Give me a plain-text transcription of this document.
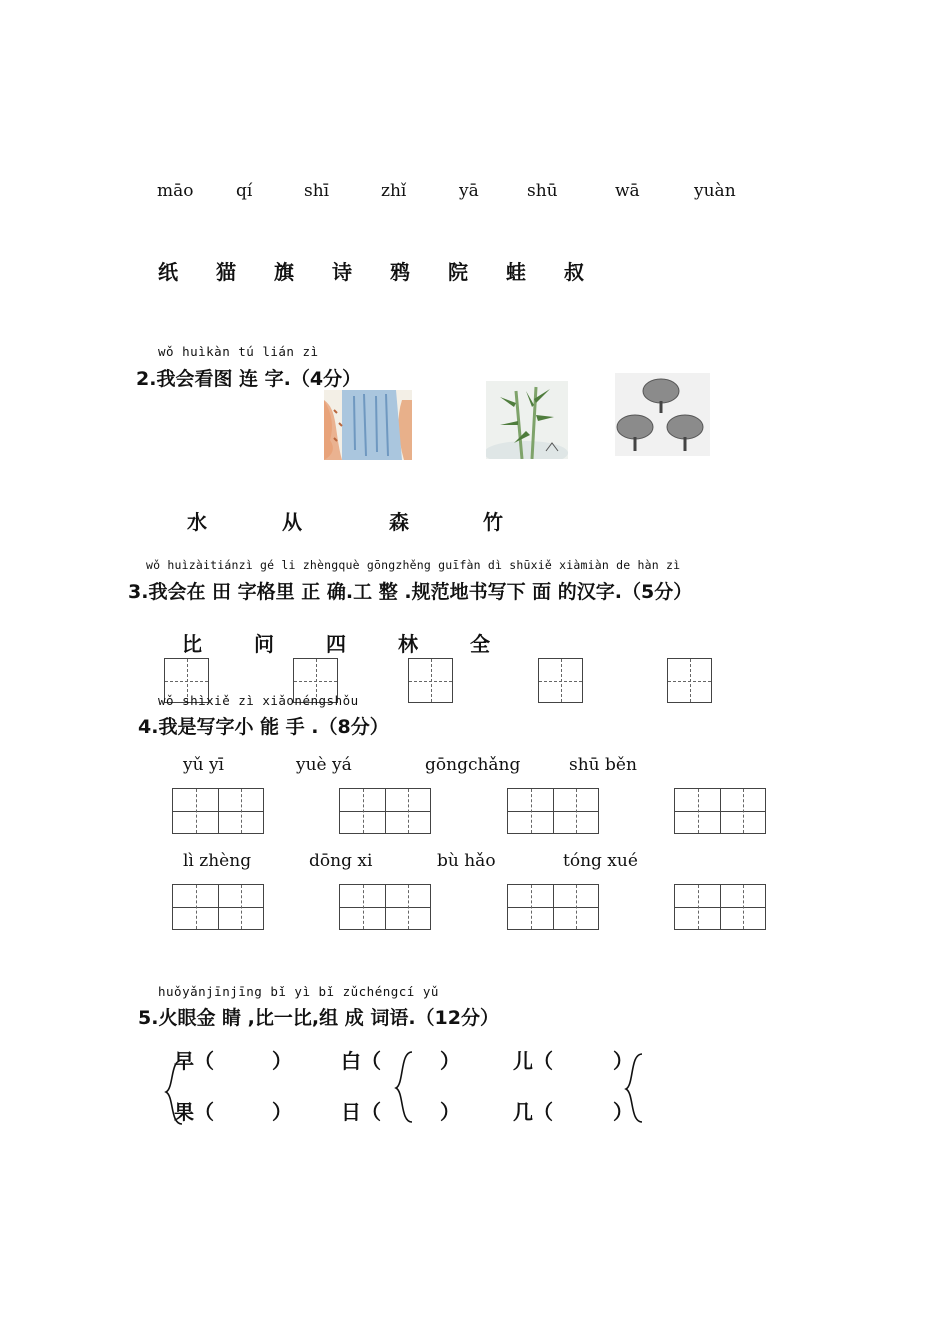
māo	qí	shī	zhǐ	yā	shū	wā	yuàn
纸 猫 旗 诗 鸦 院 蛙 叔
wǒ huìkàn tú lián zì
2.我会看图 连 字.（4分）
水	从	森	竹
wǒ huìzàitiánzì gé li zhèngquè gōngzhěng guīfàn dì shūxiě xiàmiàn de hàn zì
3.我会在 田 字格里 正 确.工 整 .规范地书写下 面 的汉字.（5分）
比	问	四	林	全
wǒ shìxiě zì xiǎonéngshǒu
4.我是写字小 能 手 .（8分）
yǔ yī	yuè yá	gōngchǎng	shū běn
lì zhèng	dōng xi	bù hǎo	tóng xué
huǒyǎnjīnjīng bǐ yì bǐ zǔchéngcí yǔ
5.火眼金 睛 ,比一比,组 成 词语.（12分）
早（	） 白（	）	儿（	）
果（	） 日（	）	几（	）
